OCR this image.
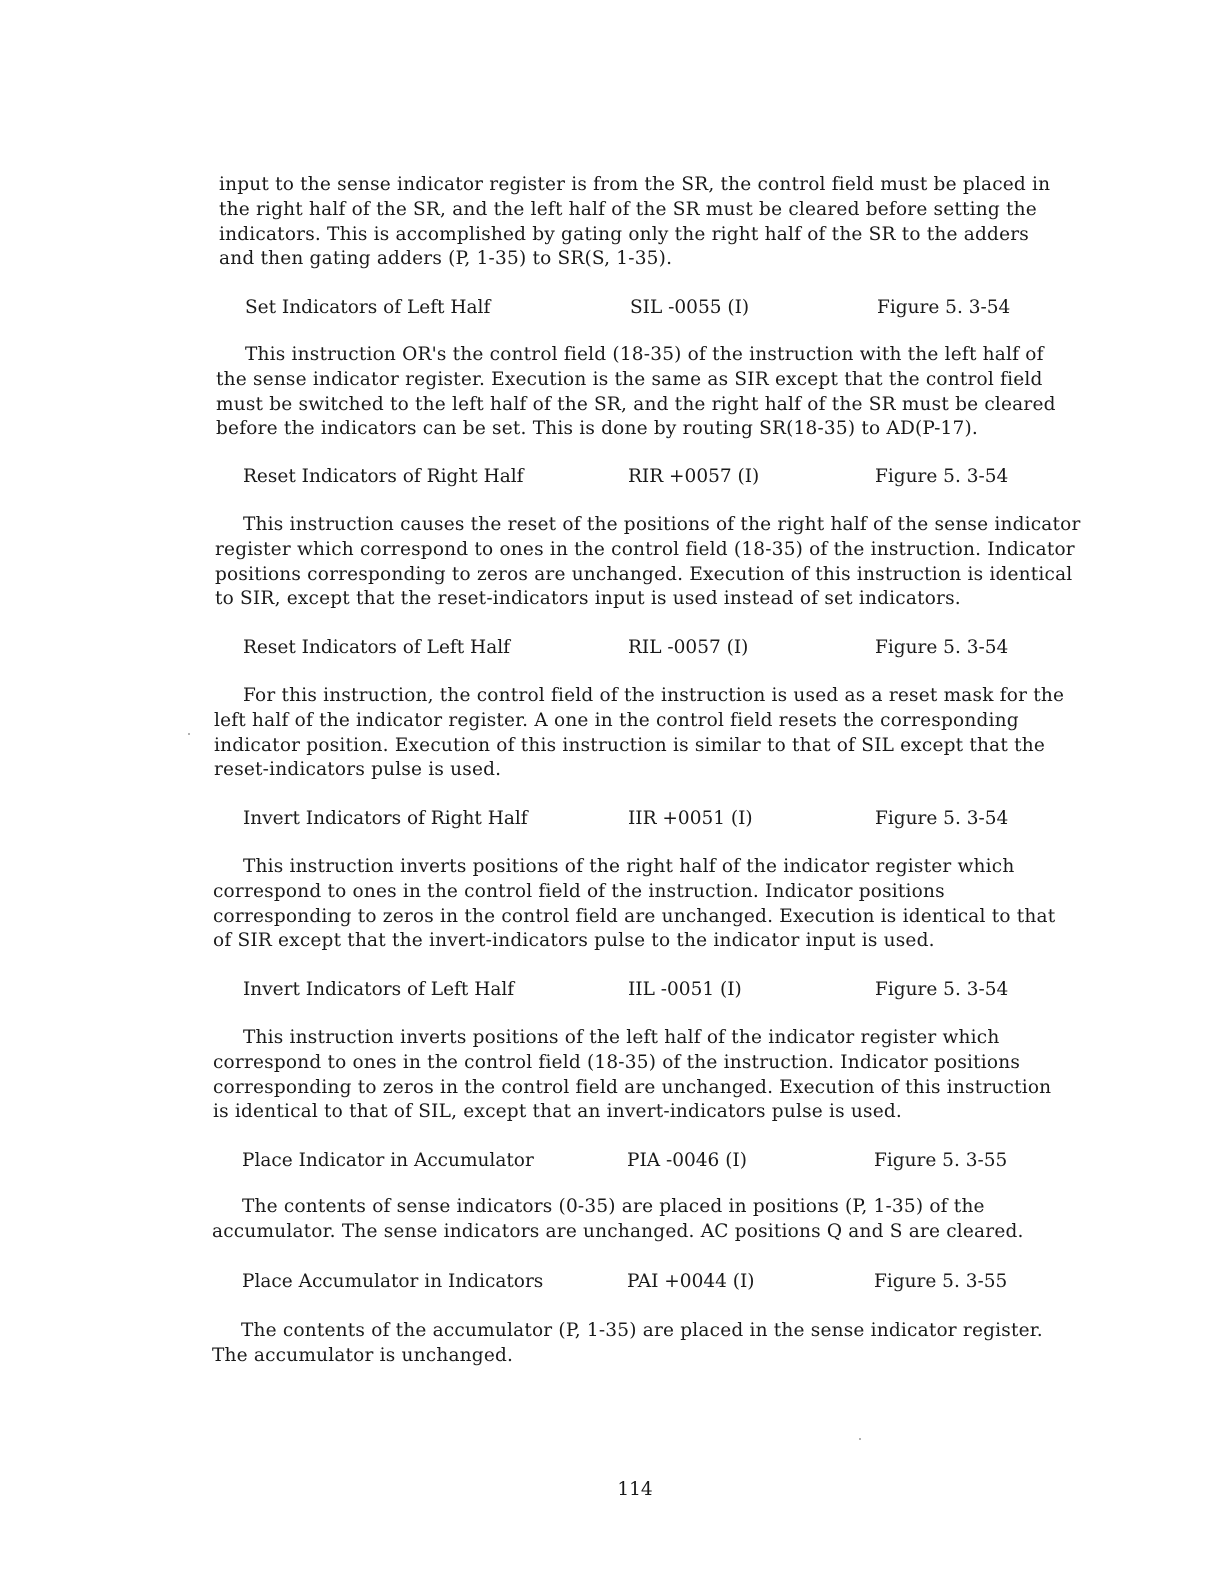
input to the sense indicator register is from the SR, the control field must be placed in the right half of the SR, and the left half of the SR must be cleared before setting the indicators. This is accomplished by gating only the right half of the SR to the adders and then gating adders (P, 1-35) to SR(S, 1-35).

Set Indicators of Left Half	SIL -0055 (I)	Figure 5. 3-54

This instruction OR's the control field (18-35) of the instruction with the left half of the sense indicator register. Execution is the same as SIR except that the control field must be switched to the left half of the SR, and the right half of the SR must be cleared before the indicators can be set. This is done by routing SR(18-35) to AD(P-17).

Reset Indicators of Right Half	RIR +0057 (I)	Figure 5. 3-54

This instruction causes the reset of the positions of the right half of the sense indicator register which correspond to ones in the control field (18-35) of the instruction. Indicator positions corresponding to zeros are unchanged. Execution of this instruction is identical to SIR, except that the reset-indicators input is used instead of set indicators.

Reset Indicators of Left Half	RIL -0057 (I)	Figure 5. 3-54

For this instruction, the control field of the instruction is used as a reset mask for the left half of the indicator register. A one in the control field resets the corresponding indicator position. Execution of this instruction is similar to that of SIL except that the reset-indicators pulse is used.

Invert Indicators of Right Half	IIR +0051 (I)	Figure 5. 3-54

This instruction inverts positions of the right half of the indicator register which correspond to ones in the control field of the instruction. Indicator positions corresponding to zeros in the control field are unchanged. Execution is identical to that of SIR except that the invert-indicators pulse to the indicator input is used.

Invert Indicators of Left Half	IIL -0051 (I)	Figure 5. 3-54

This instruction inverts positions of the left half of the indicator register which correspond to ones in the control field (18-35) of the instruction. Indicator positions corresponding to zeros in the control field are unchanged. Execution of this instruction is identical to that of SIL, except that an invert-indicators pulse is used.

Place Indicator in Accumulator	PIA -0046 (I)	Figure 5. 3-55

The contents of sense indicators (0-35) are placed in positions (P, 1-35) of the accumulator. The sense indicators are unchanged. AC positions Q and S are cleared.

Place Accumulator in Indicators	PAI +0044 (I)	Figure 5. 3-55

The contents of the accumulator (P, 1-35) are placed in the sense indicator register. The accumulator is unchanged.

114
